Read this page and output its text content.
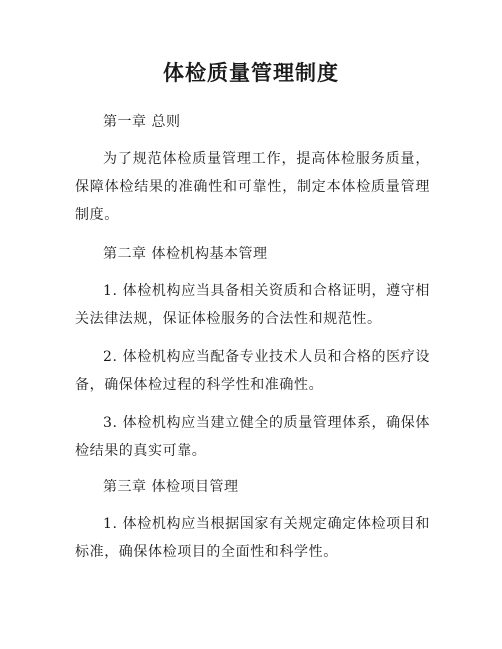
体检质量管理制度
第一章 总则
为了规范体检质量管理工作，提高体检服务质量，保障体检结果的准确性和可靠性，制定本体检质量管理制度。
第二章 体检机构基本管理
1. 体检机构应当具备相关资质和合格证明，遵守相关法律法规，保证体检服务的合法性和规范性。
2. 体检机构应当配备专业技术人员和合格的医疗设备，确保体检过程的科学性和准确性。
3. 体检机构应当建立健全的质量管理体系，确保体检结果的真实可靠。
第三章 体检项目管理
1. 体检机构应当根据国家有关规定确定体检项目和标准，确保体检项目的全面性和科学性。
